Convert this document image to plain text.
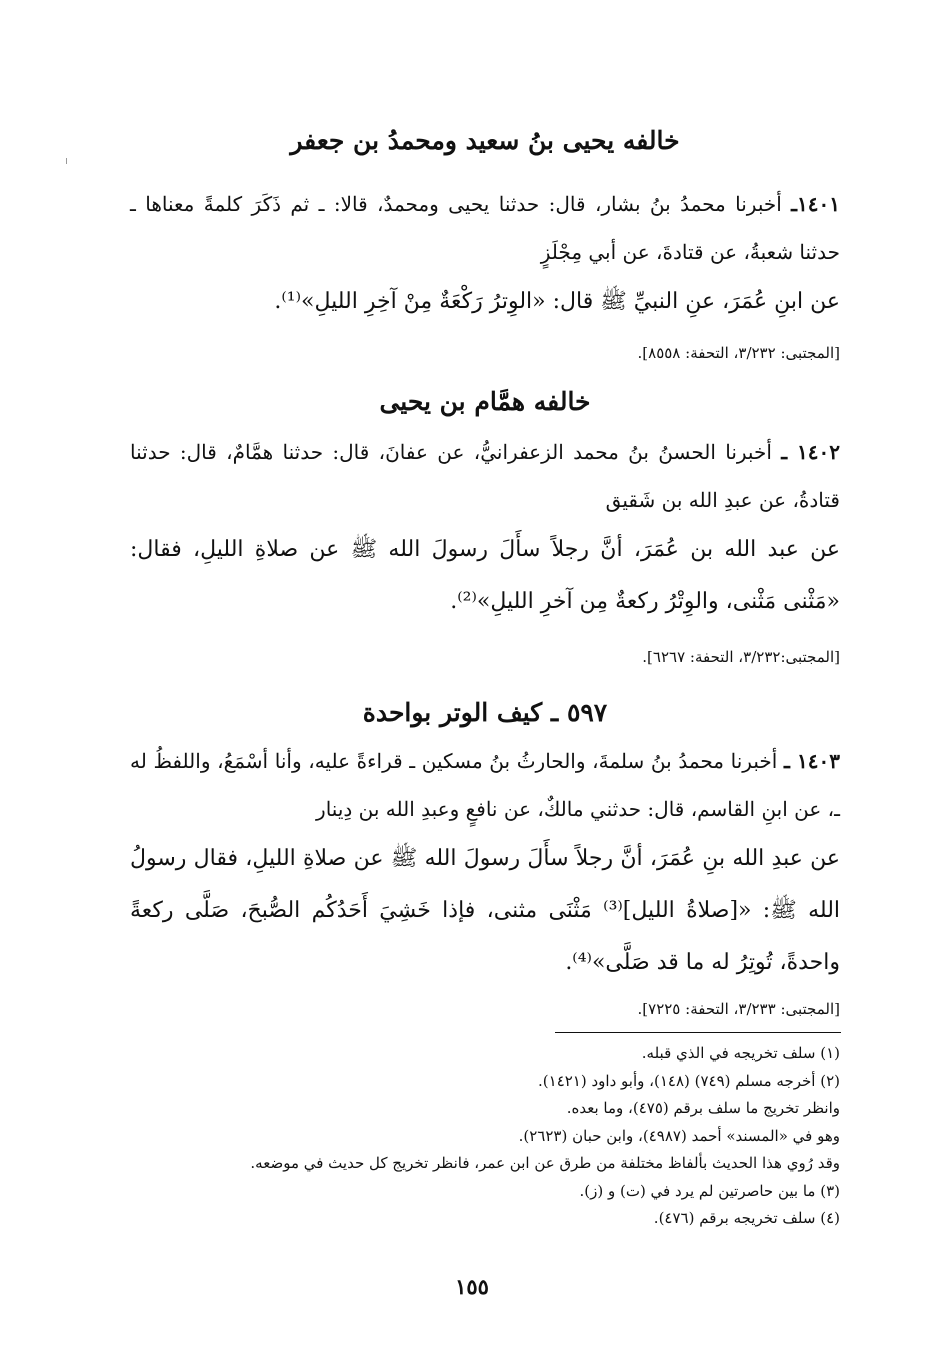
خالفه يحيى بنُ سعيد ومحمدُ بن جعفر

١٤٠١ـ أخبرنا محمدُ بنُ بشار، قال: حدثنا يحيى ومحمدٌ، قالا: ـ ثم ذَكَرَ كلمةً معناها ـ حدثنا شعبةُ، عن قتادةَ، عن أبي مِجْلَزٍ

عن ابنِ عُمَرَ، عنِ النبيِّ ﷺ قال: «الوِترُ رَكْعَةٌ مِنْ آخِرِ الليلِ»⁽¹⁾.

[المجتبى: ٣/٢٣٢، التحفة: ٨٥٥٨].
خالفه همَّام بن يحيى

١٤٠٢ ـ أخبرنا الحسنُ بنُ محمد الزعفرانيُّ، عن عفانَ، قال: حدثنا همَّامٌ، قال: حدثنا قتادةُ، عن عبدِ الله بن شَقيق

عن عبد الله بن عُمَرَ، أنَّ رجلاً سأَلَ رسولَ الله ﷺ عن صلاةِ الليلِ، فقال: «مَثْنى مَثْنى، والوِتْرُ ركعةٌ مِن آخرِ الليلِ»⁽²⁾.

[المجتبى:٣/٢٣٢، التحفة: ٦٢٦٧].
٥٩٧ ـ كيف الوتر بواحدة

١٤٠٣ ـ أخبرنا محمدُ بنُ سلمةَ، والحارثُ بنُ مسكين ـ قراءةً عليه، وأنا أسْمَعُ، واللفظُ له ـ، عن ابنِ القاسم، قال: حدثني مالكٌ، عن نافعٍ وعبدِ الله بن دِينار

عن عبدِ الله بنِ عُمَرَ، أنَّ رجلاً سأَلَ رسولَ الله ﷺ عن صلاةِ الليلِ، فقال رسولُ الله ﷺ: «[صلاةُ الليل]⁽³⁾ مَثْنَى مثنى، فإذا خَشِيَ أَحَدُكُم الصُّبحَ، صَلَّى ركعةً واحدةً، تُوتِرُ له ما قد صَلَّى»⁽⁴⁾.

[المجتبى: ٣/٢٣٣، التحفة: ٧٢٢٥].
(١) سلف تخريجه في الذي قبله.
(٢) أخرجه مسلم (٧٤٩) (١٤٨)، وأبو داود (١٤٢١).
وانظر تخريج ما سلف برقم (٤٧٥)، وما بعده.
وهو في «المسند» أحمد (٤٩٨٧)، وابن حبان (٢٦٢٣).
وقد رُوي هذا الحديث بألفاظ مختلفة من طرق عن ابن عمر، فانظر تخريج كل حديث في موضعه.
(٣) ما بين حاصرتين لم يرد في (ت) و (ز).
(٤) سلف تخريجه برقم (٤٧٦).
١٥٥
